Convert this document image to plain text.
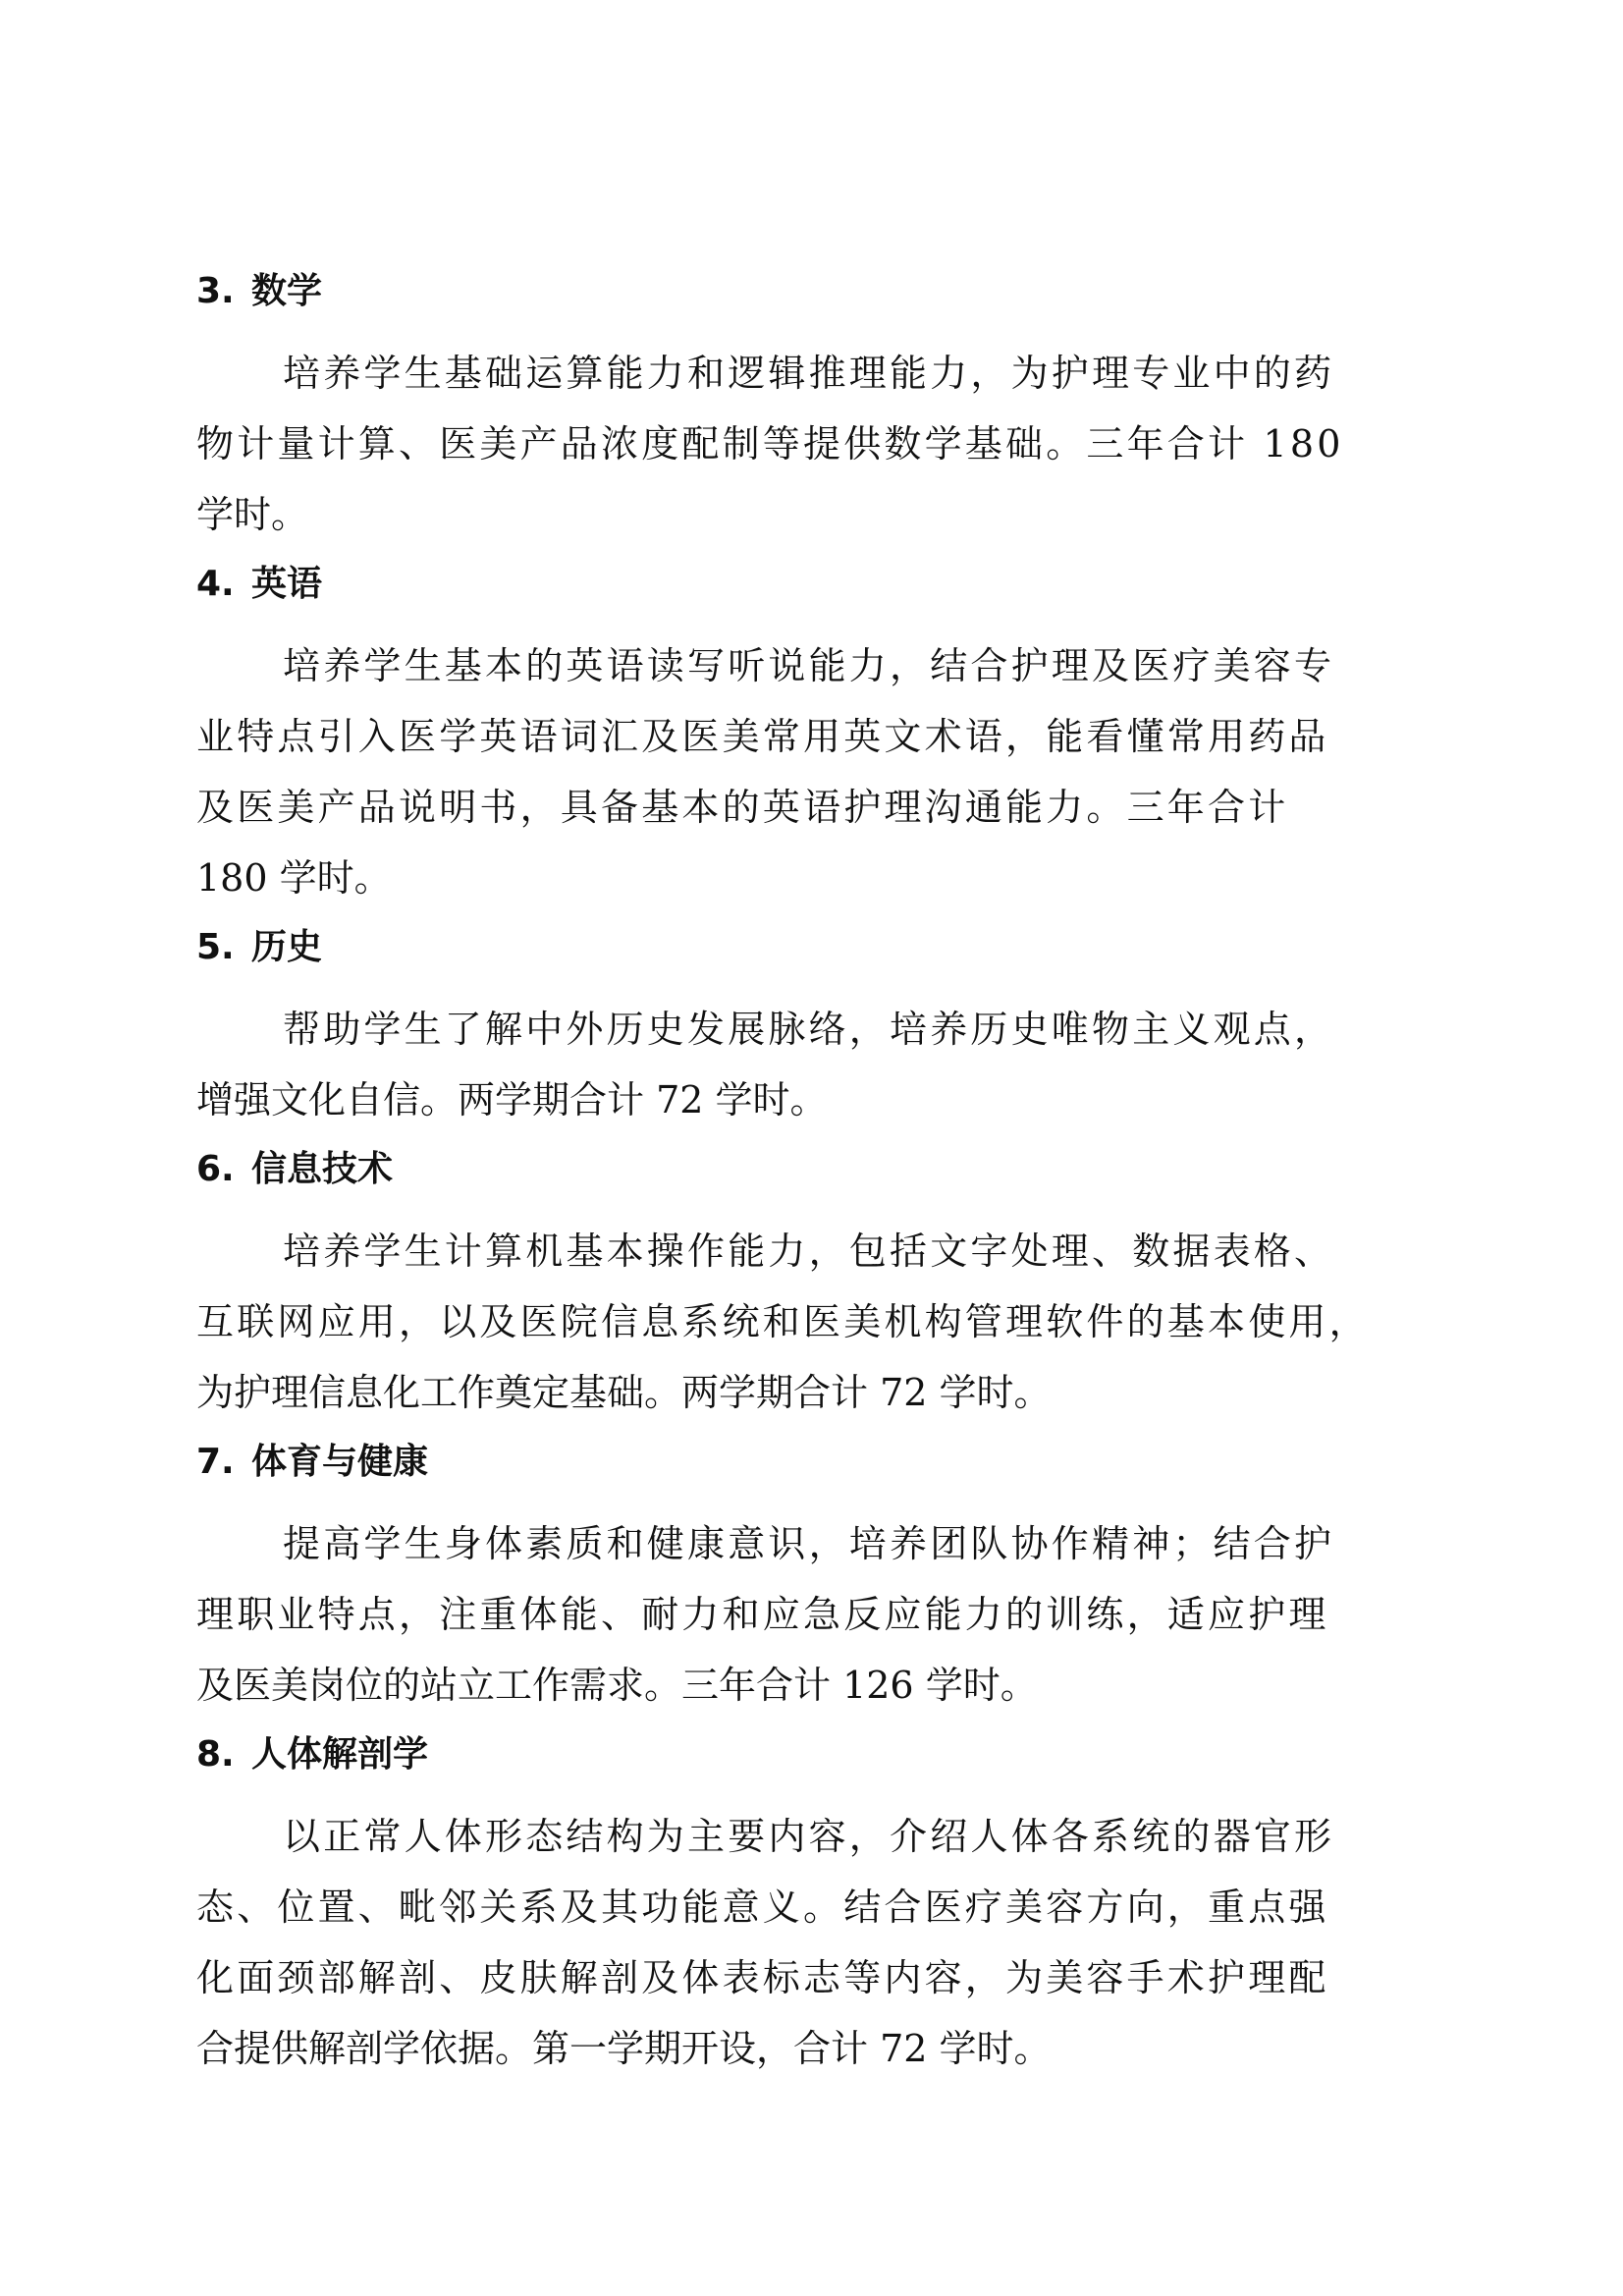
3. 数学
培养学生基础运算能力和逻辑推理能力，为护理专业中的药
物计量计算、医美产品浓度配制等提供数学基础。三年合计 180
学时。
4. 英语
培养学生基本的英语读写听说能力，结合护理及医疗美容专
业特点引入医学英语词汇及医美常用英文术语，能看懂常用药品
及医美产品说明书，具备基本的英语护理沟通能力。三年合计
180 学时。
5. 历史
帮助学生了解中外历史发展脉络，培养历史唯物主义观点，
增强文化自信。两学期合计 72 学时。
6. 信息技术
培养学生计算机基本操作能力，包括文字处理、数据表格、
互联网应用，以及医院信息系统和医美机构管理软件的基本使用，
为护理信息化工作奠定基础。两学期合计 72 学时。
7. 体育与健康
提高学生身体素质和健康意识，培养团队协作精神；结合护
理职业特点，注重体能、耐力和应急反应能力的训练，适应护理
及医美岗位的站立工作需求。三年合计 126 学时。
8. 人体解剖学
以正常人体形态结构为主要内容，介绍人体各系统的器官形
态、位置、毗邻关系及其功能意义。结合医疗美容方向，重点强
化面颈部解剖、皮肤解剖及体表标志等内容，为美容手术护理配
合提供解剖学依据。第一学期开设，合计 72 学时。
